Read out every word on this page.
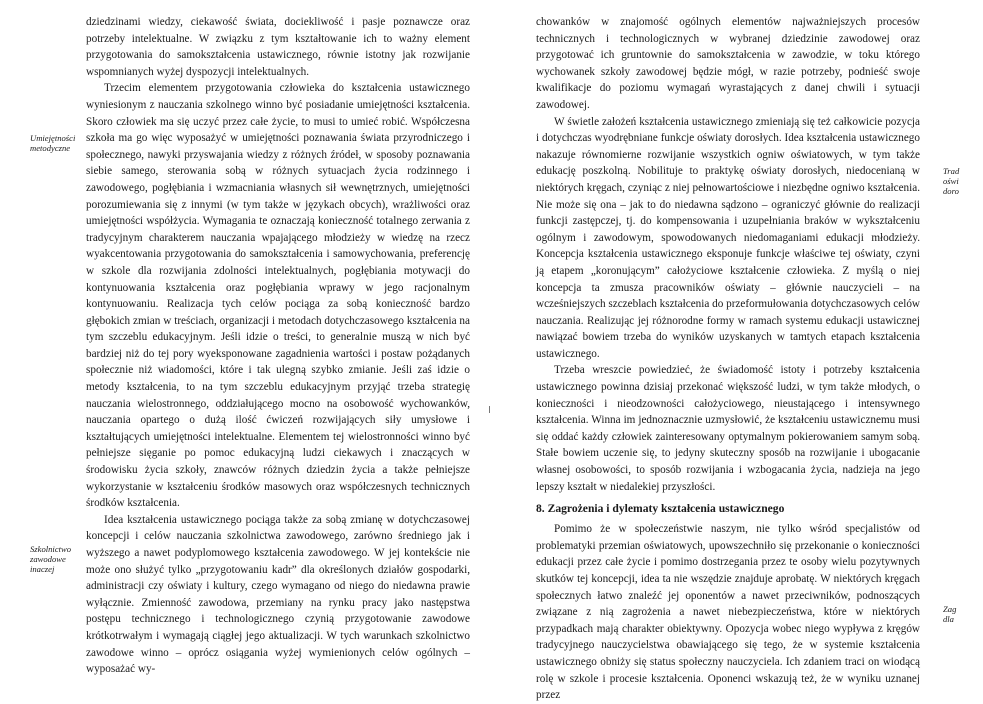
Umiejętności metodyczne
Szkolnictwo zawodowe inaczej

dziedzinami wiedzy, ciekawość świata, dociekliwość i pasje poznawcze oraz potrzeby intelektualne. W związku z tym kształtowanie ich to ważny element przygotowania do samokształcenia ustawicznego, równie istotny jak rozwijanie wspomnianych wyżej dyspozycji intelektualnych.

Trzecim elementem przygotowania człowieka do kształcenia ustawicznego wyniesionym z nauczania szkolnego winno być posiadanie umiejętności kształcenia. Skoro człowiek ma się uczyć przez całe życie, to musi to umieć robić. Współczesna szkoła ma go więc wyposażyć w umiejętności poznawania świata przyrodniczego i społecznego, nawyki przyswajania wiedzy z różnych źródeł, w sposoby poznawania siebie samego, sterowania sobą w różnych sytuacjach życia rodzinnego i zawodowego, pogłębiania i wzmacniania własnych sił wewnętrznych, umiejętności porozumiewania się z innymi (w tym także w językach obcych), wrażliwości oraz umiejętności współżycia. Wymagania te oznaczają konieczność totalnego zerwania z tradycyjnym charakterem nauczania wpajającego młodzieży w wiedzę na rzecz wyakcentowania przygotowania do samokształcenia i samowychowania, preferencję w szkole dla rozwijania zdolności intelektualnych, pogłębiania motywacji do kontynuowania kształcenia oraz pogłębiania wprawy w jego racjonalnym kontynuowaniu. Realizacja tych celów pociąga za sobą konieczność bardzo głębokich zmian w treściach, organizacji i metodach dotychczasowego kształcenia na tym szczeblu edukacyjnym. Jeśli idzie o treści, to generalnie muszą w nich być bardziej niż do tej pory wyeksponowane zagadnienia wartości i postaw pożądanych społecznie niż wiadomości, które i tak ulegną szybko zmianie. Jeśli zaś idzie o metody kształcenia, to na tym szczeblu edukacyjnym przyjąć trzeba strategię nauczania wielostronnego, oddziałującego mocno na osobowość wychowanków, nauczania opartego o dużą ilość ćwiczeń rozwijających siły umysłowe i kształtujących umiejętności intelektualne. Elementem tej wielostronności winno być pełniejsze sięganie po pomoc edukacyjną ludzi ciekawych i znaczących w środowisku życia szkoły, znawców różnych dziedzin życia a także pełniejsze wykorzystanie w kształceniu środków masowych oraz współczesnych technicznych środków kształcenia.

Idea kształcenia ustawicznego pociąga także za sobą zmianę w dotychczasowej koncepcji i celów nauczania szkolnictwa zawodowego, zarówno średniego jak i wyższego a nawet podyplomowego kształcenia zawodowego. W jej kontekście nie może ono służyć tylko „przygotowaniu kadr” dla określonych działów gospodarki, administracji czy oświaty i kultury, czego wymagano od niego do niedawna prawie wyłącznie. Zmienność zawodowa, przemiany na rynku pracy jako następstwa postępu technicznego i technologicznego czynią przygotowanie zawodowe krótkotrwałym i wymagają ciągłej jego aktualizacji. W tych warunkach szkolnictwo zawodowe winno – oprócz osiągania wyżej wymienionych celów ogólnych – wyposażać wy-

chowanków w znajomość ogólnych elementów najważniejszych procesów technicznych i technologicznych w wybranej dziedzinie zawodowej oraz przygotować ich gruntownie do samokształcenia w zawodzie, w toku którego wychowanek szkoły zawodowej będzie mógł, w razie potrzeby, podnieść swoje kwalifikacje do poziomu wymagań wyrastających z danej chwili i sytuacji zawodowej.

W świetle założeń kształcenia ustawicznego zmieniają się też całkowicie pozycja i dotychczas wyodrębniane funkcje oświaty dorosłych. Idea kształcenia ustawicznego nakazuje równomierne rozwijanie wszystkich ogniw oświatowych, w tym także edukację poszkolną. Nobilituje to praktykę oświaty dorosłych, niedocenianą w niektórych kręgach, czyniąc z niej pełnowartościowe i niezbędne ogniwo kształcenia. Nie może się ona – jak to do niedawna sądzono – ograniczyć głównie do realizacji funkcji zastępczej, tj. do kompensowania i uzupełniania braków w wykształceniu ogólnym i zawodowym, spowodowanych niedomaganiami edukacji młodzieży. Koncepcja kształcenia ustawicznego eksponuje funkcje właściwe tej oświaty, czyni ją etapem „koronującym” całożyciowe kształcenie człowieka. Z myślą o niej koncepcja ta zmusza pracowników oświaty – głównie nauczycieli – na wcześniejszych szczeblach kształcenia do przeformułowania dotychczasowych celów nauczania. Realizując jej różnorodne formy w ramach systemu edukacji ustawicznej nawiązać bowiem trzeba do wyników uzyskanych w tamtych etapach kształcenia ustawicznego.

Trzeba wreszcie powiedzieć, że świadomość istoty i potrzeby kształcenia ustawicznego powinna dzisiaj przekonać większość ludzi, w tym także młodych, o konieczności i nieodzowności całożyciowego, nieustającego i intensywnego kształcenia. Winna im jednoznacznie uzmysłowić, że kształceniu ustawicznemu musi się oddać każdy człowiek zainteresowany optymalnym pokierowaniem samym sobą. Stałe bowiem uczenie się, to jedyny skuteczny sposób na rozwijanie i ubogacanie własnej osobowości, to sposób rozwijania i wzbogacania życia, nadzieja na jego lepszy kształt w niedalekiej przyszłości.

8. Zagrożenia i dylematy kształcenia ustawicznego

Pomimo że w społeczeństwie naszym, nie tylko wśród specjalistów od problematyki przemian oświatowych, upowszechniło się przekonanie o konieczności edukacji przez całe życie i pomimo dostrzegania przez te osoby wielu pozytywnych skutków tej koncepcji, idea ta nie wszędzie znajduje aprobatę. W niektórych kręgach społecznych łatwo znaleźć jej oponentów a nawet przeciwników, podnoszących związane z nią zagrożenia a nawet niebezpieczeństwa, które w niektórych przypadkach mają charakter obiektywny. Opozycja wobec niego wypływa z kręgów tradycyjnego nauczycielstwa obawiającego się tego, że w systemie kształcenia ustawicznego obniży się status społeczny nauczyciela. Ich zdaniem traci on wiodącą rolę w szkole i procesie kształcenia. Oponenci wskazują też, że w wyniku uznanej przez

Trad
oświ
doro
Zag
dla
